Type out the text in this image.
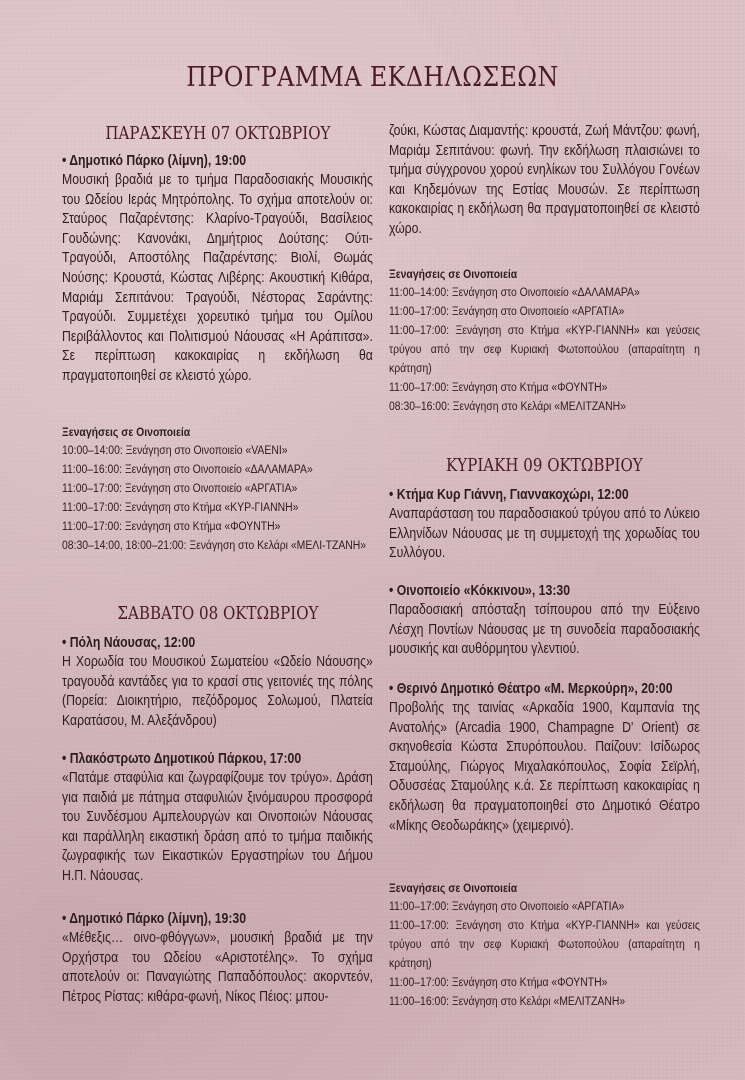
ΠΡΟΓΡΑΜΜΑ ΕΚΔΗΛΩΣΕΩΝ
ΠΑΡΑΣΚΕΥΗ 07 ΟΚΤΩΒΡΙΟΥ

• Δημοτικό Πάρκο (λίμνη), 19:00

Μουσική βραδιά με το τμήμα Παραδοσιακής Μουσικής του Ωδείου Ιεράς Μητρόπολης. Το σχήμα αποτελούν οι: Σταύρος Παζαρέντσης: Κλαρίνο-Τραγούδι, Βασίλειος Γουδώνης: Κανονάκι, Δημήτριος Δούτσης: Ούτι-Τραγούδι, Αποστόλης Παζαρέντσης: Βιολί, Θωμάς Νούσης: Κρουστά, Κώστας Λιβέρης: Ακουστική Κιθάρα, Μαριάμ Σεπιτάνου: Τραγούδι, Νέστορας Σαράντης: Τραγούδι. Συμμετέχει χορευτικό τμήμα του Ομίλου Περιβάλλοντος και Πολιτισμού Νάουσας «Η Αράπιτσα». Σε περίπτωση κακοκαιρίας η εκδήλωση θα πραγματοποιηθεί σε κλειστό χώρο.

Ξεναγήσεις σε Οινοποιεία

10:00–14:00: Ξενάγηση στο Οινοποιείο «VAENI»

11:00–16:00: Ξενάγηση στο Οινοποιείο «ΔΑΛΑΜΑΡΑ»

11:00–17:00: Ξενάγηση στο Οινοποιείο «ΑΡΓΑΤΙΑ»

11:00–17:00: Ξενάγηση στο Κτήμα «ΚΥΡ-ΓΙΑΝΝΗ»

11:00–17:00: Ξενάγηση στο Κτήμα «ΦΟΥΝΤΗ»

08:30–14:00, 18:00–21:00: Ξενάγηση στο Κελάρι «ΜΕΛΙ-ΤΖΑΝΗ»

ΣΑΒΒΑΤΟ 08 ΟΚΤΩΒΡΙΟΥ

• Πόλη Νάουσας, 12:00

Η Χορωδία του Μουσικού Σωματείου «Ωδείο Νάουσης» τραγουδά καντάδες για το κρασί στις γειτονιές της πόλης (Πορεία: Διοικητήριο, πεζόδρομος Σολωμού, Πλατεία Καρατάσου, Μ. Αλεξάνδρου)

• Πλακόστρωτο Δημοτικού Πάρκου, 17:00

«Πατάμε σταφύλια και ζωγραφίζουμε τον τρύγο». Δράση για παιδιά με πάτημα σταφυλιών ξινόμαυρου προσφορά του Συνδέσμου Αμπελουργών και Οινοποιών Νάουσας και παράλληλη εικαστική δράση από το τμήμα παιδικής ζωγραφικής των Εικαστικών Εργαστηρίων του Δήμου Η.Π. Νάουσας.

• Δημοτικό Πάρκο (λίμνη), 19:30

«Μέθεξις… οινο-φθόγγων», μουσική βραδιά με την Ορχήστρα του Ωδείου «Αριστοτέλης». Το σχήμα αποτελούν οι: Παναγιώτης Παπαδόπουλος: ακορντεόν, Πέτρος Ρίστας: κιθάρα-φωνή, Νίκος Πέιος: μπου-

ζούκι, Κώστας Διαμαντής: κρουστά, Ζωή Μάντζου: φωνή, Μαριάμ Σεπιτάνου: φωνή. Την εκδήλωση πλαισιώνει το τμήμα σύγχρονου χορού ενηλίκων του Συλλόγου Γονέων και Κηδεμόνων της Εστίας Μουσών. Σε περίπτωση κακοκαιρίας η εκδήλωση θα πραγματοποιηθεί σε κλειστό χώρο.

Ξεναγήσεις σε Οινοποιεία

11:00–14:00: Ξενάγηση στο Οινοποιείο «ΔΑΛΑΜΑΡΑ»

11:00–17:00: Ξενάγηση στο Οινοποιείο «ΑΡΓΑΤΙΑ»

11:00–17:00: Ξενάγηση στο Κτήμα «ΚΥΡ-ΓΙΑΝΝΗ» και γεύσεις τρύγου από την σεφ Κυριακή Φωτοπούλου (απαραίτητη η κράτηση)

11:00–17:00: Ξενάγηση στο Κτήμα «ΦΟΥΝΤΗ»

08:30–16:00: Ξενάγηση στο Κελάρι «ΜΕΛΙΤΖΑΝΗ»

ΚΥΡΙΑΚΗ 09 ΟΚΤΩΒΡΙΟΥ

• Κτήμα Κυρ Γιάννη, Γιαννακοχώρι, 12:00

Αναπαράσταση του παραδοσιακού τρύγου από το Λύκειο Ελληνίδων Νάουσας με τη συμμετοχή της χορωδίας του Συλλόγου.

• Οινοποιείο «Κόκκινου», 13:30

Παραδοσιακή απόσταξη τσίπουρου από την Εύξεινο Λέσχη Ποντίων Νάουσας με τη συνοδεία παραδοσιακής μουσικής και αυθόρμητου γλεντιού.

• Θερινό Δημοτικό Θέατρο «Μ. Μερκούρη», 20:00

Προβολής της ταινίας «Αρκαδία 1900, Καμπανία της Ανατολής» (Arcadia 1900, Champagne D' Orient) σε σκηνοθεσία Κώστα Σπυρόπουλου. Παίζουν: Ισίδωρος Σταμούλης, Γιώργος Μιχαλακόπουλος, Σοφία Σεϊρλή, Οδυσσέας Σταμούλης κ.ά. Σε περίπτωση κακοκαιρίας η εκδήλωση θα πραγματοποιηθεί στο Δημοτικό Θέατρο «Μίκης Θεοδωράκης» (χειμερινό).

Ξεναγήσεις σε Οινοποιεία

11:00–17:00: Ξενάγηση στο Οινοποιείο «ΑΡΓΑΤΙΑ»

11:00–17:00: Ξενάγηση στο Κτήμα «ΚΥΡ-ΓΙΑΝΝΗ» και γεύσεις τρύγου από την σεφ Κυριακή Φωτοπούλου (απαραίτητη η κράτηση)

11:00–17:00: Ξενάγηση στο Κτήμα «ΦΟΥΝΤΗ»

11:00–16:00: Ξενάγηση στο Κελάρι «ΜΕΛΙΤΖΑΝΗ»
